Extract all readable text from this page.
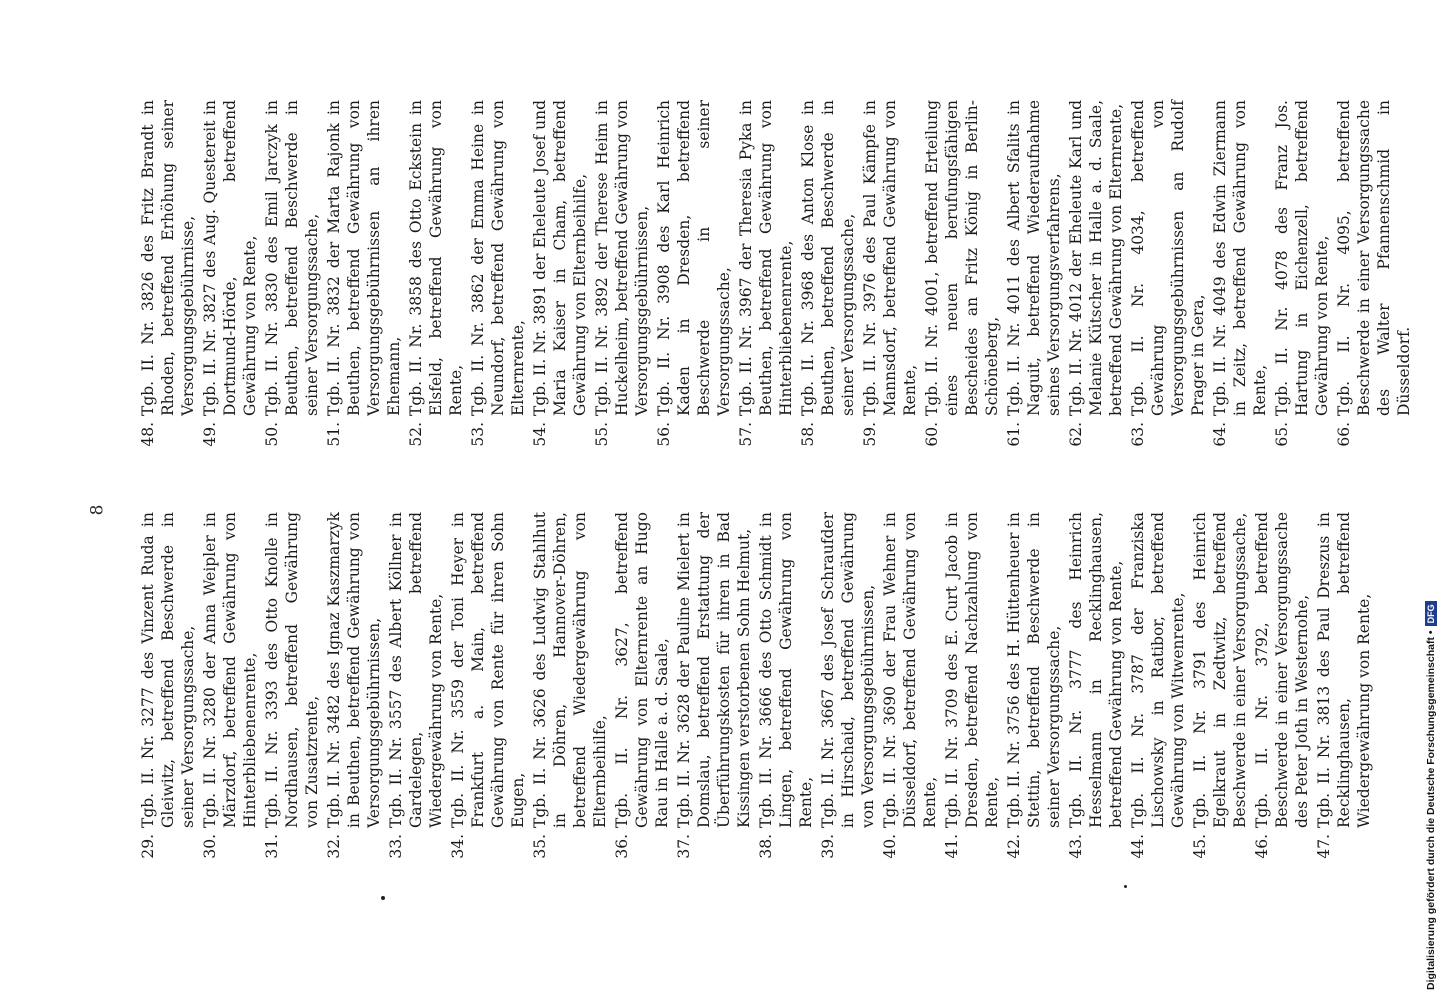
8
29.
Tgb. II. Nr. 3277 des Vinzent Ruda in Gleiwitz, betreffend Beschwerde in seiner Versorgungssache,
30.
Tgb. II. Nr. 3280 der Anna Weipler in Märzdorf, betreffend Gewährung von Hinterbliebenenrente,
31.
Tgb. II. Nr. 3393 des Otto Knolle in Nordhausen, betreffend Gewährung von Zusatzrente,
32.
Tgb. II. Nr. 3482 des Ignaz Kaszmarzyk in Beuthen, betreffend Gewährung von Versorgungsgebührnissen,
33.
Tgb. II. Nr. 3557 des Albert Köllner in Gardelegen, betreffend Wiedergewährung von Rente,
34.
Tgb. II. Nr. 3559 der Toni Heyer in Frankfurt a. Main, betreffend Gewährung von Rente für ihren Sohn Eugen,
35.
Tgb. II. Nr. 3626 des Ludwig Stahlhut in Döhren, Hannover-Döhren, betreffend Wiedergewährung von Elternbeihilfe,
36.
Tgb. II. Nr. 3627, betreffend Gewährung von Elternrente an Hugo Rau in Halle a. d. Saale,
37.
Tgb. II. Nr. 3628 der Pauline Mielert in Domslau, betreffend Erstattung der Überführungskosten für ihren in Bad Kissingen verstorbenen Sohn Helmut,
38.
Tgb. II. Nr. 3666 des Otto Schmidt in Lingen, betreffend Gewährung von Rente,
39.
Tgb. II. Nr. 3667 des Josef Schraufder in Hirschaid, betreffend Gewährung von Versorgungsgebührnissen,
40.
Tgb. II. Nr. 3690 der Frau Wehner in Düsseldorf, betreffend Gewährung von Rente,
41.
Tgb. II. Nr. 3709 des E. Curt Jacob in Dresden, betreffend Nachzahlung von Rente,
42.
Tgb. II. Nr. 3756 des H. Hüttenheuer in Stettin, betreffend Beschwerde in seiner Versorgungssache,
43.
Tgb. II. Nr. 3777 des Heinrich Hesselmann in Recklinghausen, betreffend Gewährung von Rente,
44.
Tgb. II. Nr. 3787 der Franziska Lischowsky in Ratibor, betreffend Gewährung von Witwenrente,
45.
Tgb. II. Nr. 3791 des Heinrich Egelkraut in Zedtwitz, betreffend Beschwerde in einer Versorgungssache,
46.
Tgb. II. Nr. 3792, betreffend Beschwerde in einer Versorgungssache des Peter Joth in Westernohe,
47.
Tgb. II. Nr. 3813 des Paul Dreszus in Recklinghausen, betreffend Wiedergewährung von Rente,
48.
Tgb. II. Nr. 3826 des Fritz Brandt in Rhoden, betreffend Erhöhung seiner Versorgungsgebührnisse,
49.
Tgb. II. Nr. 3827 des Aug. Questereit in Dortmund-Hörde, betreffend Gewährung von Rente,
50.
Tgb. II. Nr. 3830 des Emil Jarczyk in Beuthen, betreffend Beschwerde in seiner Versorgungssache,
51.
Tgb. II. Nr. 3832 der Marta Rajonk in Beuthen, betreffend Gewährung von Versorgungsgebührnissen an ihren Ehemann,
52.
Tgb. II. Nr. 3858 des Otto Eckstein in Elsfeld, betreffend Gewährung von Rente,
53.
Tgb. II. Nr. 3862 der Emma Heine in Neundorf, betreffend Gewährung von Elternrente,
54.
Tgb. II. Nr. 3891 der Eheleute Josef und Maria Kaiser in Cham, betreffend Gewährung von Elternbeihilfe,
55.
Tgb. II. Nr. 3892 der Therese Heim in Huckelheim, betreffend Gewährung von Versorgungsgebührnissen,
56.
Tgb. II. Nr. 3908 des Karl Heinrich Kaden in Dresden, betreffend Beschwerde in seiner Versorgungssache,
57.
Tgb. II. Nr. 3967 der Theresia Pyka in Beuthen, betreffend Gewährung von Hinterbliebenenrente,
58.
Tgb. II. Nr. 3968 des Anton Klose in Beuthen, betreffend Beschwerde in seiner Versorgungssache,
59.
Tgb. II. Nr. 3976 des Paul Kämpfe in Mannsdorf, betreffend Gewährung von Rente,
60.
Tgb. II. Nr. 4001, betreffend Erteilung eines neuen berufungsfähigen Bescheides an Fritz König in Berlin-Schöneberg,
61.
Tgb. II. Nr. 4011 des Albert Sfalits in Naguit, betreffend Wiederaufnahme seines Versorgungsverfahrens,
62.
Tgb. II. Nr. 4012 der Eheleute Karl und Melanie Kütscher in Halle a. d. Saale, betreffend Gewährung von Elternrente,
63.
Tgb. II. Nr. 4034, betreffend Gewährung von Versorgungsgebührnissen an Rudolf Prager in Gera,
64.
Tgb. II. Nr. 4049 des Edwin Ziermann in Zeitz, betreffend Gewährung von Rente,
65.
Tgb. II. Nr. 4078 des Franz Jos. Hartung in Eichenzell, betreffend Gewährung von Rente,
66.
Tgb. II. Nr. 4095, betreffend Beschwerde in einer Versorgungssache des Walter Pfannenschmid in Düsseldorf.
Digitalisierung gefördert durch die Deutsche Forschungsgemeinschaft •
DFG
